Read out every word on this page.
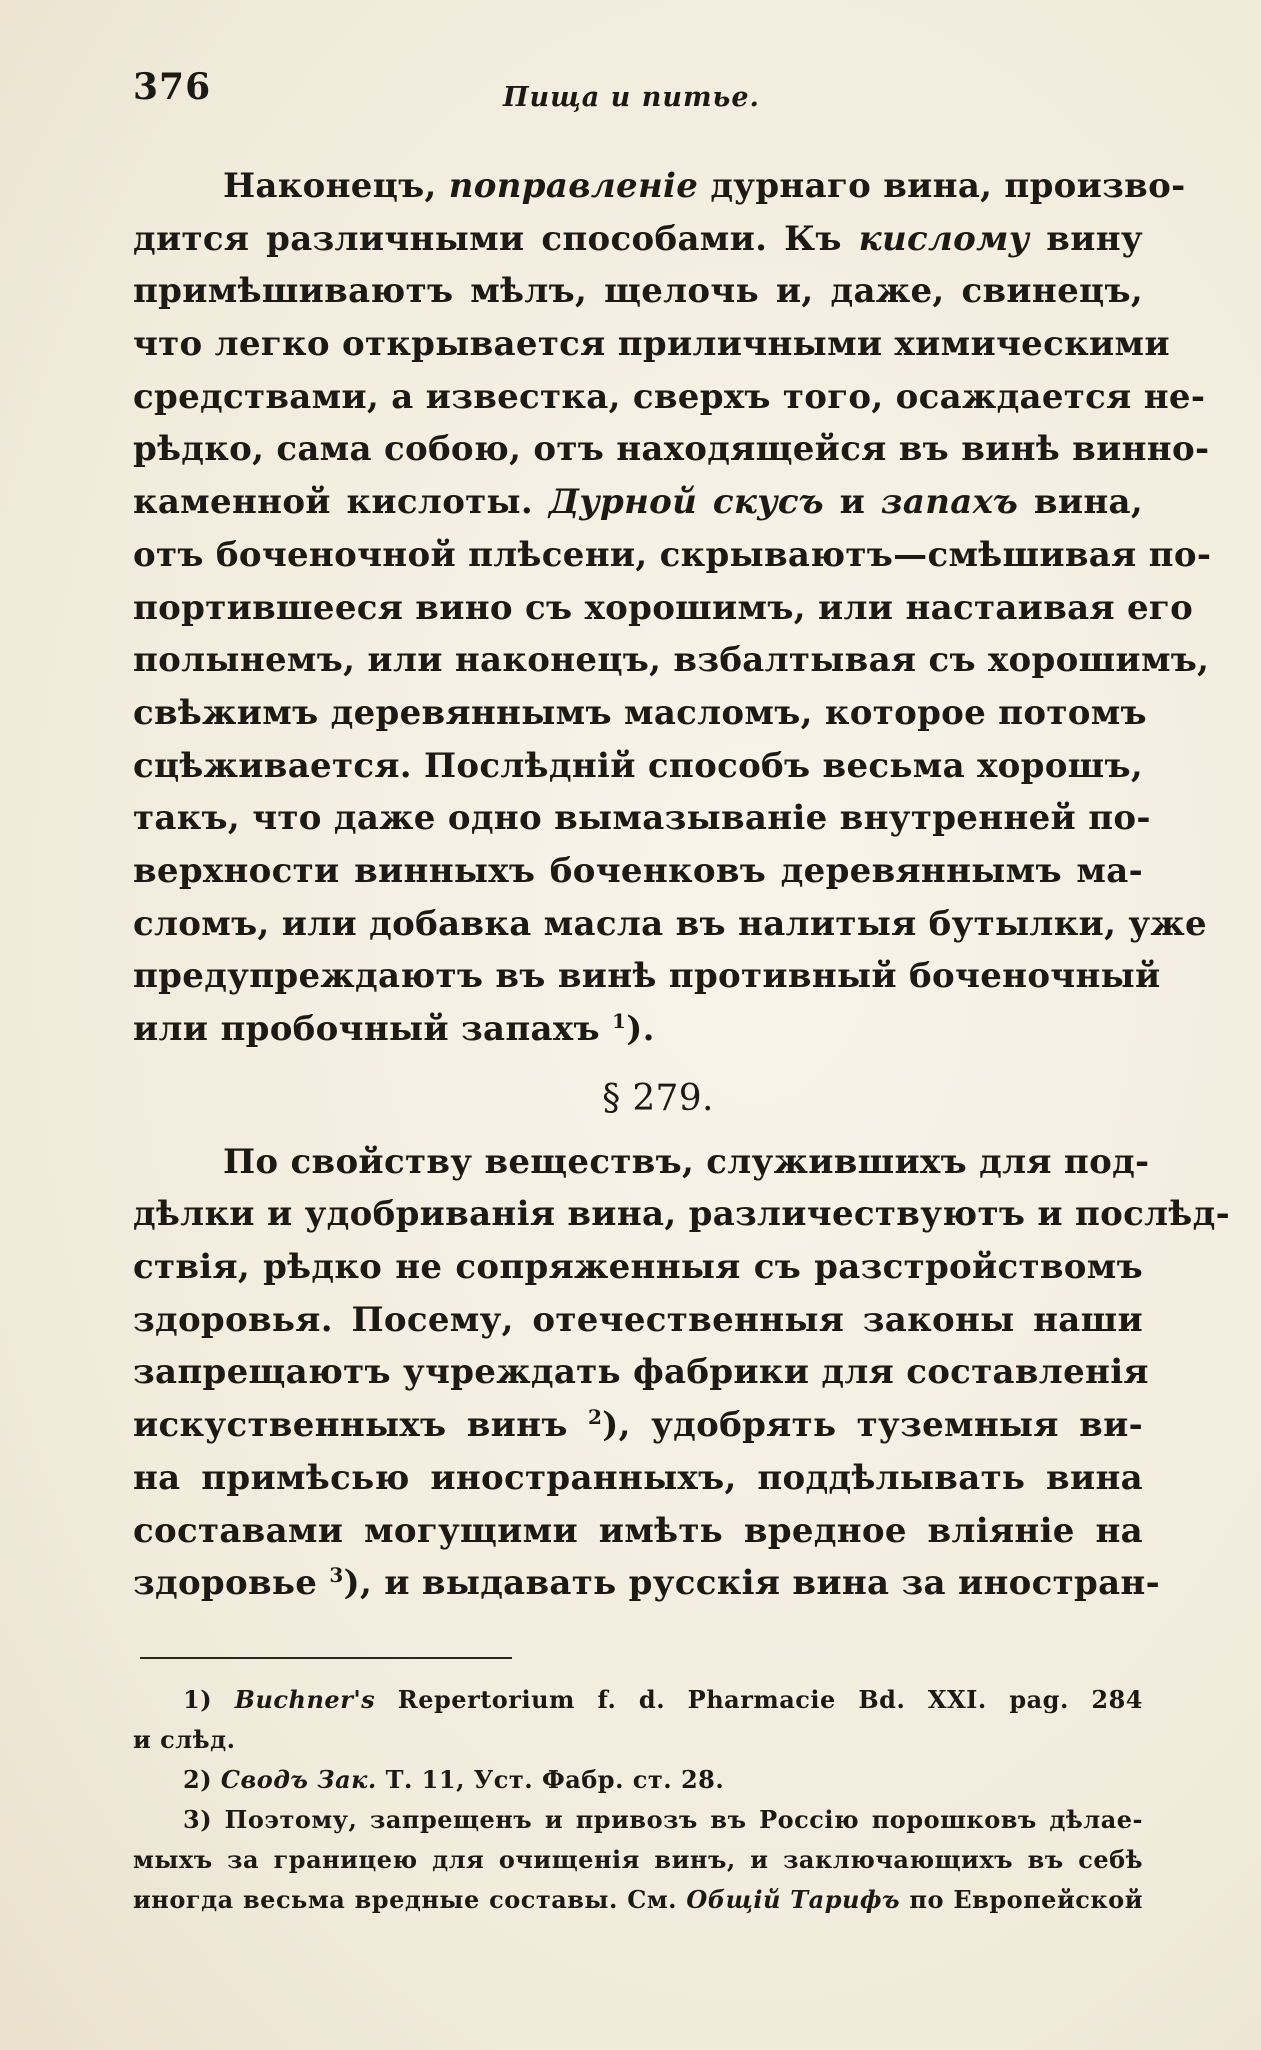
376	Пища и питье.
Наконецъ, поправленiе дурнаго вина, произво-
дится различными способами. Къ кислому вину
примѣшиваютъ мѣлъ, щелочь и, даже, свинецъ,
что легко открывается приличными химическими
средствами, а известка, сверхъ того, осаждается не-
рѣдко, сама собою, отъ находящейся въ винѣ винно-
каменной кислоты. Дурной скусъ и запахъ вина,
отъ боченочной плѣсени, скрываютъ—смѣшивая по-
портившееся вино съ хорошимъ, или настаивая его
полынемъ, или наконецъ, взбалтывая съ хорошимъ,
свѣжимъ деревяннымъ масломъ, которое потомъ
сцѣживается. Послѣднiй способъ весьма хорошъ,
такъ, что даже одно вымазыванiе внутренней по-
верхности винныхъ боченковъ деревяннымъ ма-
сломъ, или добавка масла въ налитыя бутылки, уже
предупреждаютъ въ винѣ противный боченочный
или пробочный запахъ $^1$).
§ 279.
По свойству веществъ, служившихъ для под-
дѣлки и удобриванiя вина, различествуютъ и послѣд-
ствiя, рѣдко не сопряженныя съ разстройствомъ
здоровья. Посему, отечественныя законы наши
запрещаютъ учреждать фабрики для составленiя
искуственныхъ винъ $^2$), удобрять туземныя ви-
на примѣсью иностранныхъ, поддѣлывать вина
составами могущими имѣть вредное влiянiе на
здоровье $^3$), и выдавать русскiя вина за иностран-
1) Buchner's Repertorium f. d. Pharmacie Bd. XXI. pag. 284
и слѣд.
2) Сводъ Зак. Т. 11, Уст. Фабр. ст. 28.
3) Поэтому, запрещенъ и привозъ въ Россiю порошковъ дѣлае-
мыхъ за границею для очищенiя винъ, и заключающихъ въ себѣ
иногда весьма вредные составы. См. Общiй Тарифъ по Европейской
